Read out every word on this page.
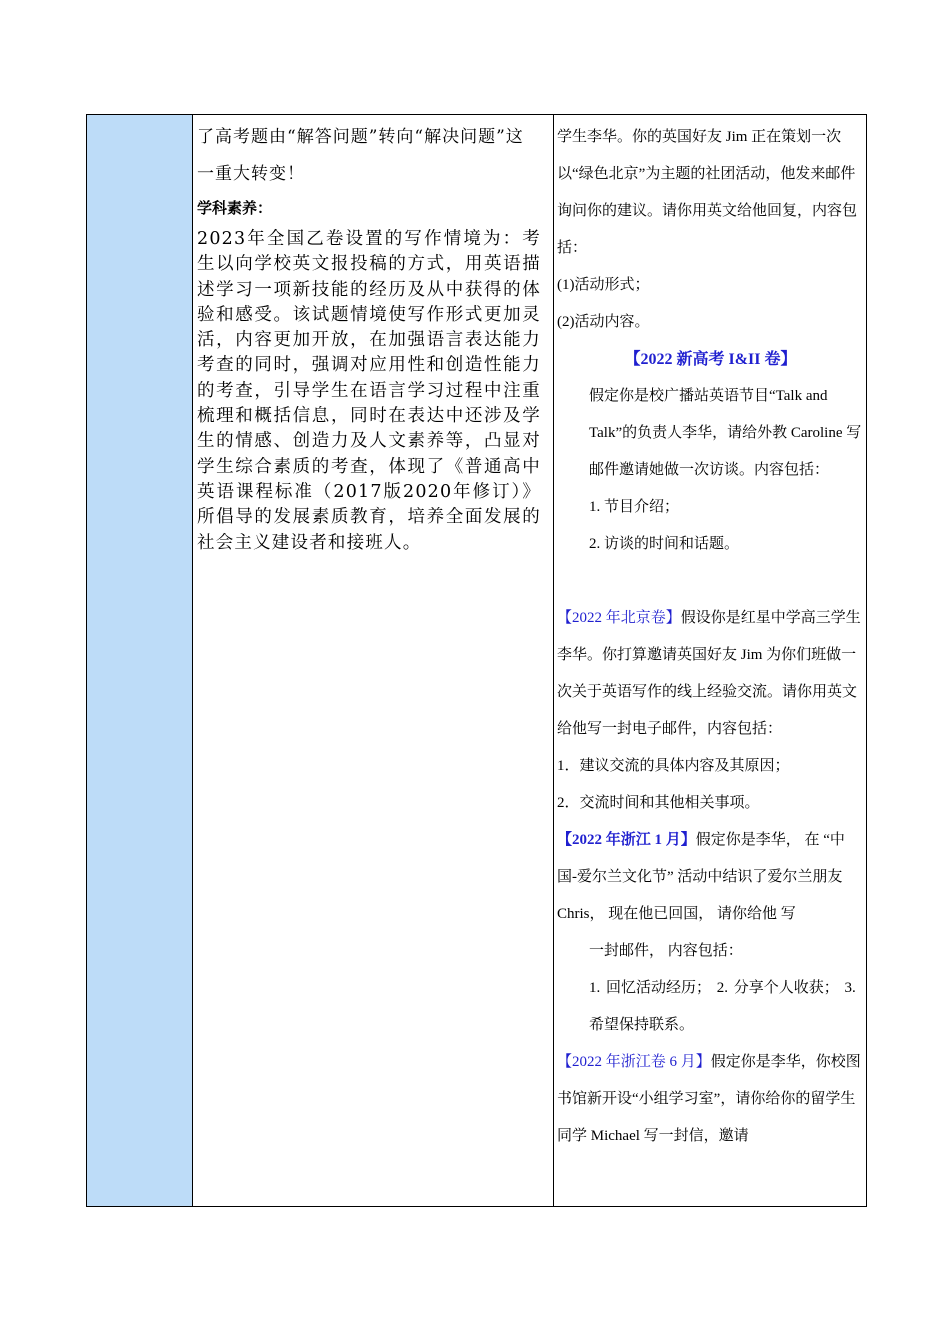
了高考题由“解答问题”转向“解决问题”这一重大转变！

学科素养：

2023年全国乙卷设置的写作情境为：考生以向学校英文报投稿的方式，用英语描述学习一项新技能的经历及从中获得的体验和感受。该试题情境使写作形式更加灵活，内容更加开放，在加强语言表达能力考查的同时，强调对应用性和创造性能力的考查，引导学生在语言学习过程中注重梳理和概括信息，同时在表达中还涉及学生的情感、创造力及人文素养等，凸显对学生综合素质的考查，体现了《普通高中英语课程标准（2017版2020年修订）》所倡导的发展素质教育，培养全面发展的社会主义建设者和接班人。

学生李华。你的英国好友 Jim 正在策划一次以“绿色北京”为主题的社团活动，他发来邮件询问你的建议。请你用英文给他回复，内容包括：

(1)活动形式；

(2)活动内容。

【2022 新高考 I&II 卷】

假定你是校广播站英语节目“Talk and Talk”的负责人李华，请给外教 Caroline 写邮件邀请她做一次访谈。内容包括：

1. 节目介绍；

2. 访谈的时间和话题。

【2022 年北京卷】假设你是红星中学高三学生李华。你打算邀请英国好友 Jim 为你们班做一次关于英语写作的线上经验交流。请你用英文给他写一封电子邮件，内容包括：

1．建议交流的具体内容及其原因；

2．交流时间和其他相关事项。

【2022 年浙江 1 月】假定你是李华， 在 “中国-爱尔兰文化节” 活动中结识了爱尔兰朋友 Chris， 现在他已回国， 请你给他 写

一封邮件， 内容包括：

1. 回忆活动经历； 2. 分享个人收获； 3. 希望保持联系。

【2022 年浙江卷 6 月】假定你是李华，你校图书馆新开设“小组学习室”，请你给你的留学生同学 Michael 写一封信，邀请
